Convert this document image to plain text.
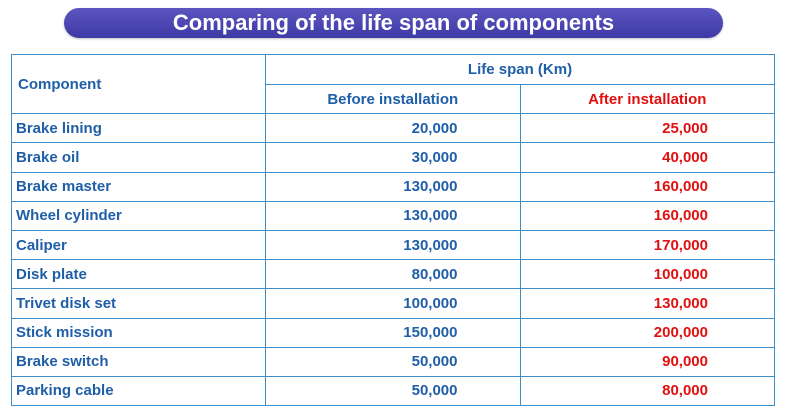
Comparing of the life span of components
Component	Life span (Km)	
	Before installation	After installation
Brake lining	20,000	25,000
Brake oil	30,000	40,000
Brake master	130,000	160,000
Wheel cylinder	130,000	160,000
Caliper	130,000	170,000
Disk plate	80,000	100,000
Trivet disk set	100,000	130,000
Stick mission	150,000	200,000
Brake switch	50,000	90,000
Parking cable	50,000	80,000
